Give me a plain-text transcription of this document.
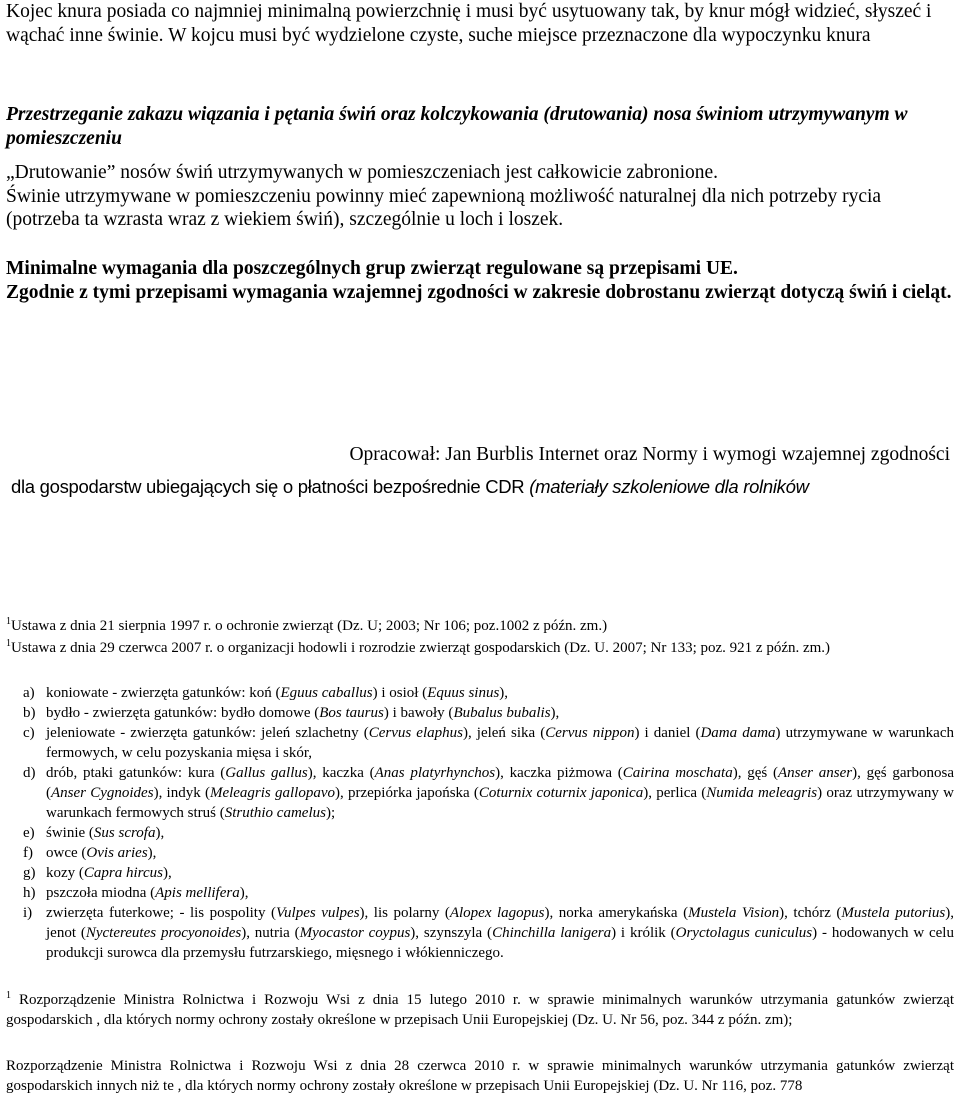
Kojec knura posiada co najmniej minimalną powierzchnię i musi być usytuowany tak, by knur mógł widzieć, słyszeć i wąchać inne świnie. W kojcu musi być wydzielone czyste, suche miejsce przeznaczone dla wypoczynku knura

Przestrzeganie zakazu wiązania i pętania świń oraz kolczykowania (drutowania) nosa świniom utrzymywanym w pomieszczeniu

„Drutowanie” nosów świń utrzymywanych w pomieszczeniach jest całkowicie zabronione.
Świnie utrzymywane w pomieszczeniu powinny mieć zapewnioną możliwość naturalnej dla nich potrzeby rycia (potrzeba ta wzrasta wraz z wiekiem świń), szczególnie u loch i loszek.

Minimalne wymagania dla poszczególnych grup zwierząt regulowane są przepisami UE.
Zgodnie z tymi przepisami wymagania wzajemnej zgodności w zakresie dobrostanu zwierząt dotyczą świń i cieląt.

Opracował: Jan Burblis Internet oraz Normy i wymogi wzajemnej zgodności
dla gospodarstw ubiegających się o płatności bezpośrednie CDR (materiały szkoleniowe dla rolników
$^1$Ustawa z dnia 21 sierpnia 1997 r. o ochronie zwierząt (Dz. U; 2003; Nr 106; poz.1002 z późn. zm.)
$^1$Ustawa z dnia 29 czerwca 2007 r. o organizacji hodowli i rozrodzie zwierząt gospodarskich (Dz. U. 2007; Nr 133; poz. 921 z późn. zm.)
a) koniowate - zwierzęta gatunków: koń (Eguus caballus) i osioł (Equus sinus),
b) bydło - zwierzęta gatunków: bydło domowe (Bos taurus) i bawoły (Bubalus bubalis),
c) jeleniowate - zwierzęta gatunków: jeleń szlachetny (Cervus elaphus), jeleń sika (Cervus nippon) i daniel (Dama dama) utrzymywane w warunkach fermowych, w celu pozyskania mięsa i skór,
d) drób, ptaki gatunków: kura (Gallus gallus), kaczka (Anas platyrhynchos), kaczka piżmowa (Cairina moschata), gęś (Anser anser), gęś garbonosa (Anser Cygnoides), indyk (Meleagris gallopavo), przepiórka japońska (Coturnix coturnix japonica), perlica (Numida meleagris) oraz utrzymywany w warunkach fermowych struś (Struthio camelus);
e) świnie (Sus scrofa),
f) owce (Ovis aries),
g) kozy (Capra hircus),
h) pszczoła miodna (Apis mellifera),
i) zwierzęta futerkowe; - lis pospolity (Vulpes vulpes), lis polarny (Alopex lagopus), norka amerykańska (Mustela Vision), tchórz (Mustela putorius), jenot (Nyctereutes procyonoides), nutria (Myocastor coypus), szynszyla (Chinchilla lanigera) i królik (Oryctolagus cuniculus) - hodowanych w celu produkcji surowca dla przemysłu futrzarskiego, mięsnego i włókienniczego.
$^1$ Rozporządzenie Ministra Rolnictwa i Rozwoju Wsi z dnia 15 lutego 2010 r. w sprawie minimalnych warunków utrzymania gatunków zwierząt gospodarskich , dla których normy ochrony zostały określone w przepisach Unii Europejskiej (Dz. U. Nr 56, poz. 344 z późn. zm);
Rozporządzenie Ministra Rolnictwa i Rozwoju Wsi z dnia 28 czerwca 2010 r. w sprawie minimalnych warunków utrzymania gatunków zwierząt gospodarskich innych niż te , dla których normy ochrony zostały określone w przepisach Unii Europejskiej (Dz. U. Nr 116, poz. 778
